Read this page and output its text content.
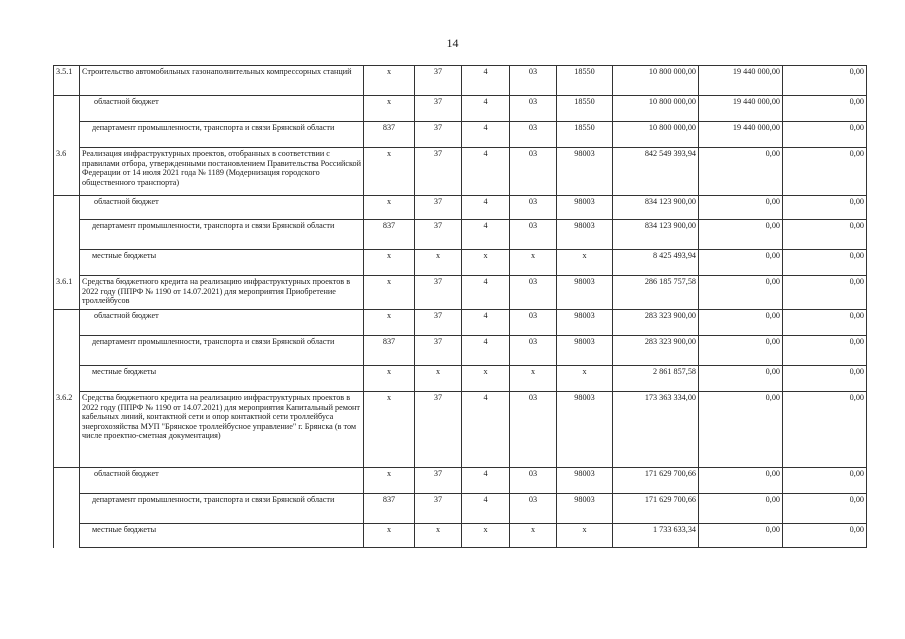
14
3.5.1	Строительство автомобильных газонаполнительных компрессорных станций	x	37	4	03	18550	10 800 000,00	19 440 000,00	0,00
	областной бюджет	x	37	4	03	18550	10 800 000,00	19 440 000,00	0,00
	департамент промышленности, транспорта и связи Брянской области	837	37	4	03	18550	10 800 000,00	19 440 000,00	0,00
3.6	Реализация инфраструктурных проектов, отобранных в соответствии с правилами отбора, утвержденными постановлением Правительства Российской Федерации от 14 июля 2021 года № 1189 (Модернизация городского общественного транспорта)	x	37	4	03	98003	842 549 393,94	0,00	0,00
	областной бюджет	x	37	4	03	98003	834 123 900,00	0,00	0,00
	департамент промышленности, транспорта и связи Брянской области	837	37	4	03	98003	834 123 900,00	0,00	0,00
	местные бюджеты	x	x	x	x	x	8 425 493,94	0,00	0,00
3.6.1	Средства бюджетного кредита на реализацию инфраструктурных проектов в 2022 году (ППРФ № 1190 от 14.07.2021) для мероприятия Приобретение троллейбусов	x	37	4	03	98003	286 185 757,58	0,00	0,00
	областной бюджет	x	37	4	03	98003	283 323 900,00	0,00	0,00
	департамент промышленности, транспорта и связи Брянской области	837	37	4	03	98003	283 323 900,00	0,00	0,00
	местные бюджеты	x	x	x	x	x	2 861 857,58	0,00	0,00
3.6.2	Средства бюджетного кредита на реализацию инфраструктурных проектов в 2022 году (ППРФ № 1190 от 14.07.2021) для мероприятия Капитальный ремонт кабельных линий, контактной сети и опор контактной сети троллейбуса энергохозяйства МУП "Брянское троллейбусное управление" г. Брянска (в том числе проектно-сметная документация)	x	37	4	03	98003	173 363 334,00	0,00	0,00
	областной бюджет	x	37	4	03	98003	171 629 700,66	0,00	0,00
	департамент промышленности, транспорта и связи Брянской области	837	37	4	03	98003	171 629 700,66	0,00	0,00
	местные бюджеты	x	x	x	x	x	1 733 633,34	0,00	0,00
